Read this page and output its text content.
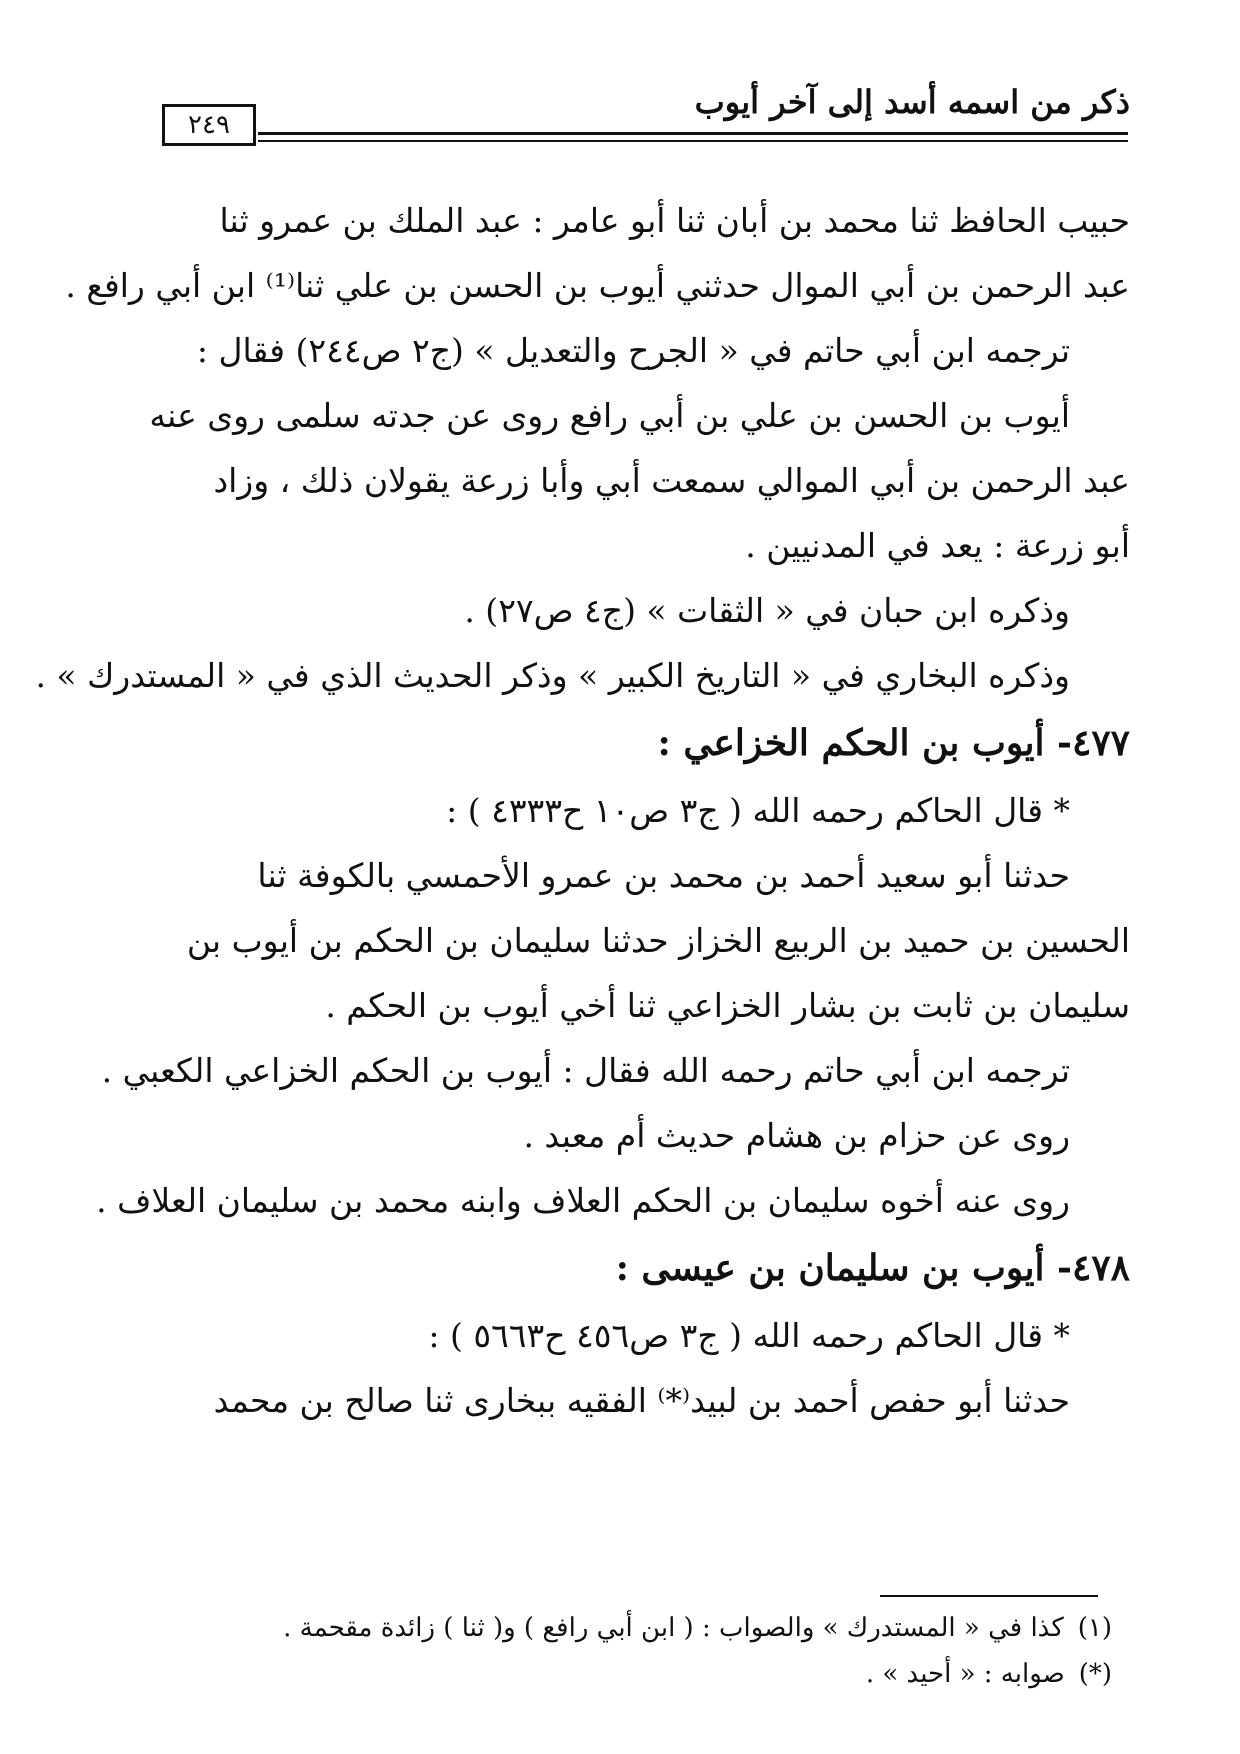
ذكر من اسمه أسد إلى آخر أيوب
٢٤٩
حبيب الحافظ ثنا محمد بن أبان ثنا أبو عامر : عبد الملك بن عمرو ثنا
عبد الرحمن بن أبي الموال حدثني أيوب بن الحسن بن علي ثنا⁽¹⁾ ابن أبي رافع .
ترجمه ابن أبي حاتم في « الجرح والتعديل » (ج٢ ص٢٤٤) فقال :
أيوب بن الحسن بن علي بن أبي رافع روى عن جدته سلمى روى عنه
عبد الرحمن بن أبي الموالي سمعت أبي وأبا زرعة يقولان ذلك ، وزاد
أبو زرعة : يعد في المدنيين .
وذكره ابن حبان في « الثقات » (ج٤ ص٢٧) .
وذكره البخاري في « التاريخ الكبير » وذكر الحديث الذي في « المستدرك » .
٤٧٧- أيوب بن الحكم الخزاعي :
* قال الحاكم رحمه الله ( ج٣ ص١٠ ح٤٣٣٣ ) :
حدثنا أبو سعيد أحمد بن محمد بن عمرو الأحمسي بالكوفة ثنا
الحسين بن حميد بن الربيع الخزاز حدثنا سليمان بن الحكم بن أيوب بن
سليمان بن ثابت بن بشار الخزاعي ثنا أخي أيوب بن الحكم .
ترجمه ابن أبي حاتم رحمه الله فقال : أيوب بن الحكم الخزاعي الكعبي .
روى عن حزام بن هشام حديث أم معبد .
روى عنه أخوه سليمان بن الحكم العلاف وابنه محمد بن سليمان العلاف .
٤٧٨- أيوب بن سليمان بن عيسى :
* قال الحاكم رحمه الله ( ج٣ ص٤٥٦ ح٥٦٦٣ ) :
حدثنا أبو حفص أحمد بن لبيد⁽*⁾ الفقيه ببخارى ثنا صالح بن محمد
(١)كذا في « المستدرك » والصواب : ( ابن أبي رافع ) و( ثنا ) زائدة مقحمة .
(*)صوابه : « أحيد » .
